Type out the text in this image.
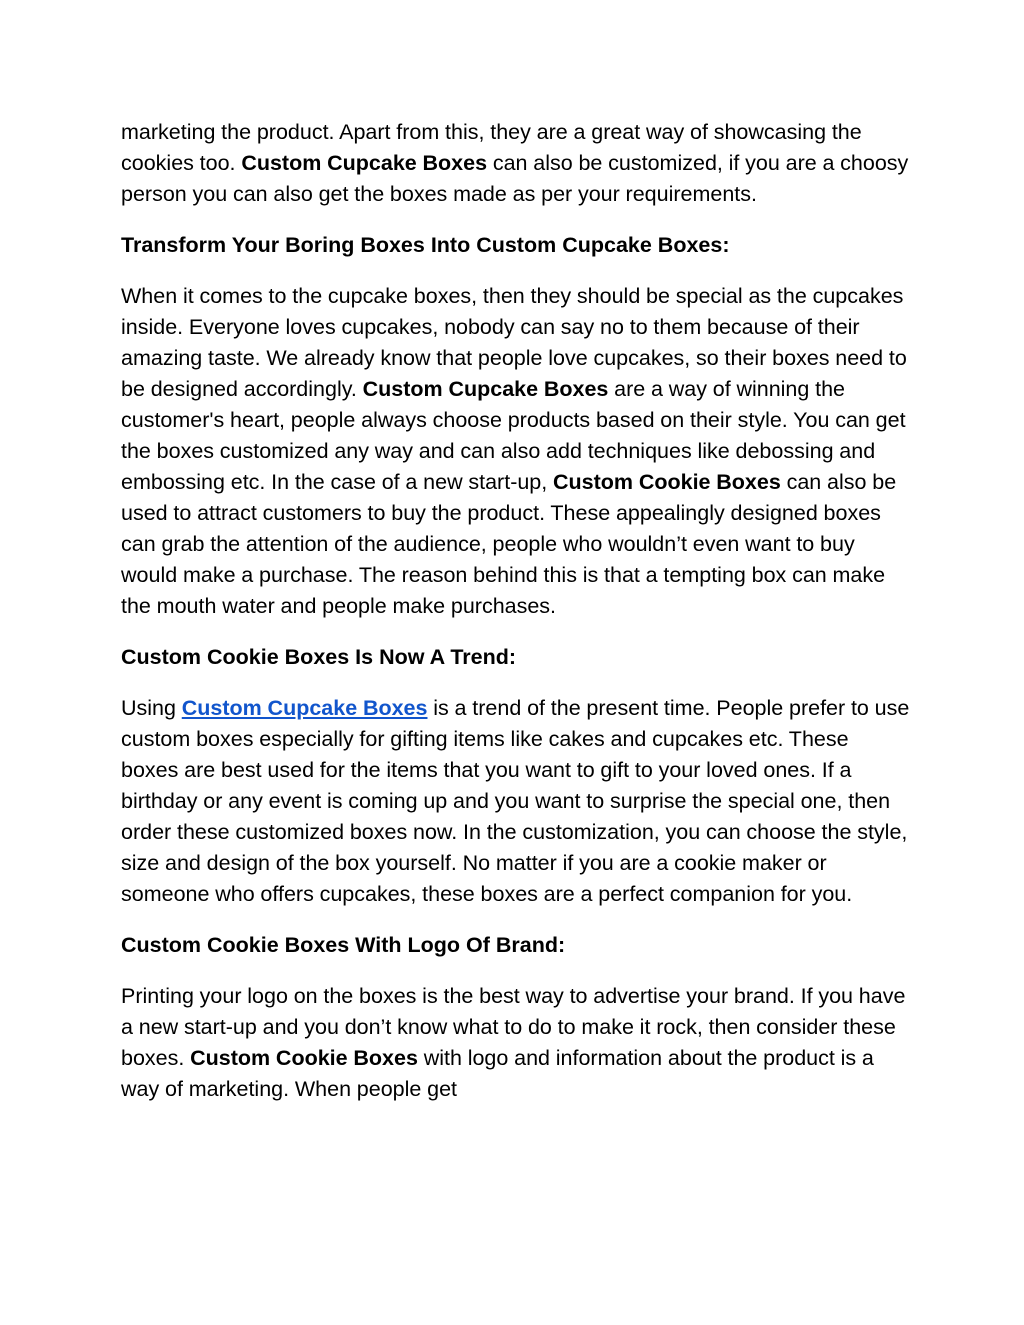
marketing the product. Apart from this, they are a great way of showcasing the cookies too. Custom Cupcake Boxes can also be customized, if you are a choosy person you can also get the boxes made as per your requirements.

Transform Your Boring Boxes Into Custom Cupcake Boxes:

When it comes to the cupcake boxes, then they should be special as the cupcakes inside. Everyone loves cupcakes, nobody can say no to them because of their amazing taste. We already know that people love cupcakes, so their boxes need to be designed accordingly. Custom Cupcake Boxes are a way of winning the customer's heart, people always choose products based on their style. You can get the boxes customized any way and can also add techniques like debossing and embossing etc. In the case of a new start-up, Custom Cookie Boxes can also be used to attract customers to buy the product. These appealingly designed boxes can grab the attention of the audience, people who wouldn’t even want to buy would make a purchase. The reason behind this is that a tempting box can make the mouth water and people make purchases.

Custom Cookie Boxes Is Now A Trend:

Using Custom Cupcake Boxes is a trend of the present time. People prefer to use custom boxes especially for gifting items like cakes and cupcakes etc. These boxes are best used for the items that you want to gift to your loved ones. If a birthday or any event is coming up and you want to surprise the special one, then order these customized boxes now. In the customization, you can choose the style, size and design of the box yourself. No matter if you are a cookie maker or someone who offers cupcakes, these boxes are a perfect companion for you.

Custom Cookie Boxes With Logo Of Brand:

Printing your logo on the boxes is the best way to advertise your brand. If you have a new start-up and you don’t know what to do to make it rock, then consider these boxes. Custom Cookie Boxes with logo and information about the product is a way of marketing. When people get
